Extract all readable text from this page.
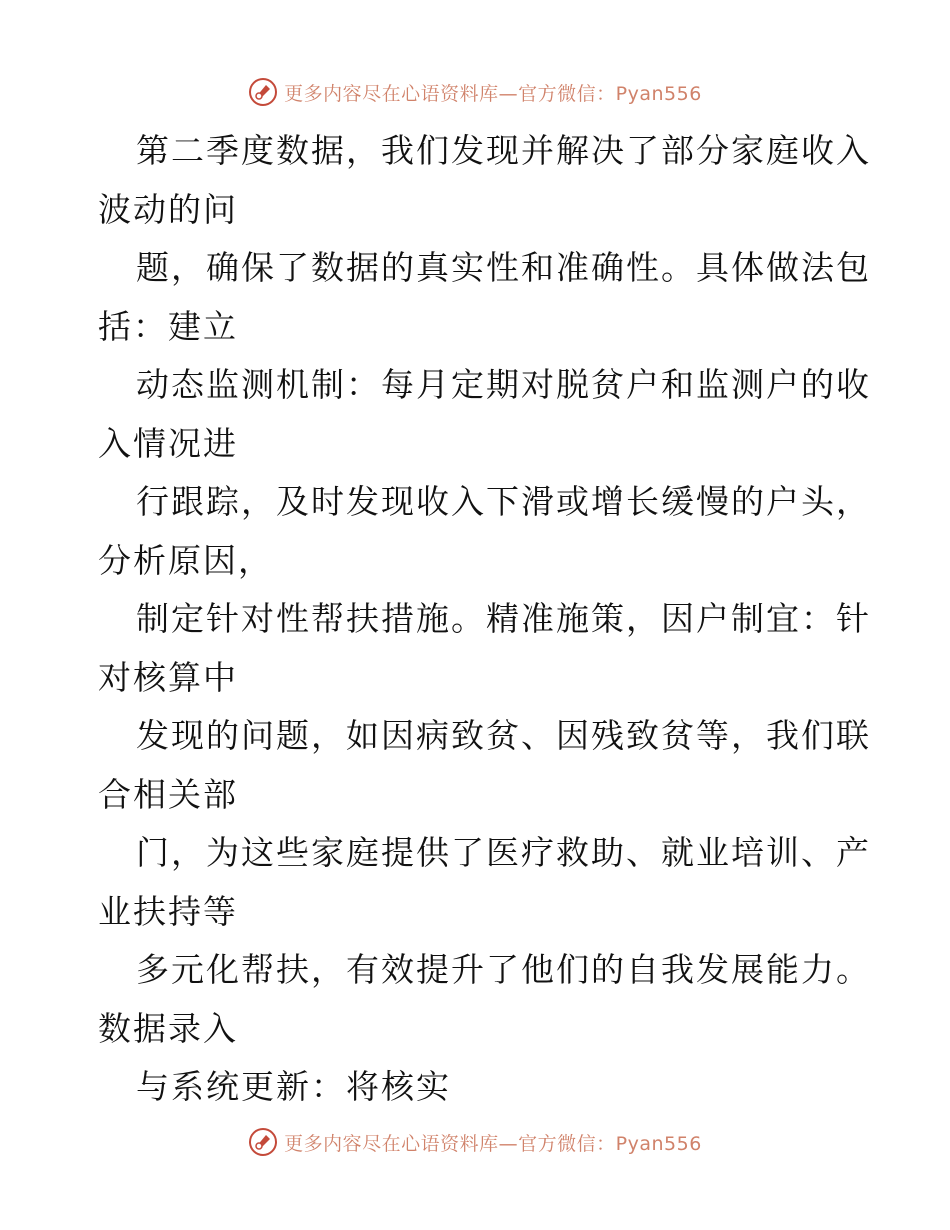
更多内容尽在心语资料库—官方微信：Pyan556
第二季度数据，我们发现并解决了部分家庭收入
波动的问
题，确保了数据的真实性和准确性。具体做法包
括：建立
动态监测机制：每月定期对脱贫户和监测户的收
入情况进
行跟踪，及时发现收入下滑或增长缓慢的户头，
分析原因，
制定针对性帮扶措施。精准施策，因户制宜：针
对核算中
发现的问题，如因病致贫、因残致贫等，我们联
合相关部
门，为这些家庭提供了医疗救助、就业培训、产
业扶持等
多元化帮扶，有效提升了他们的自我发展能力。
数据录入
与系统更新：将核实
更多内容尽在心语资料库—官方微信：Pyan556
